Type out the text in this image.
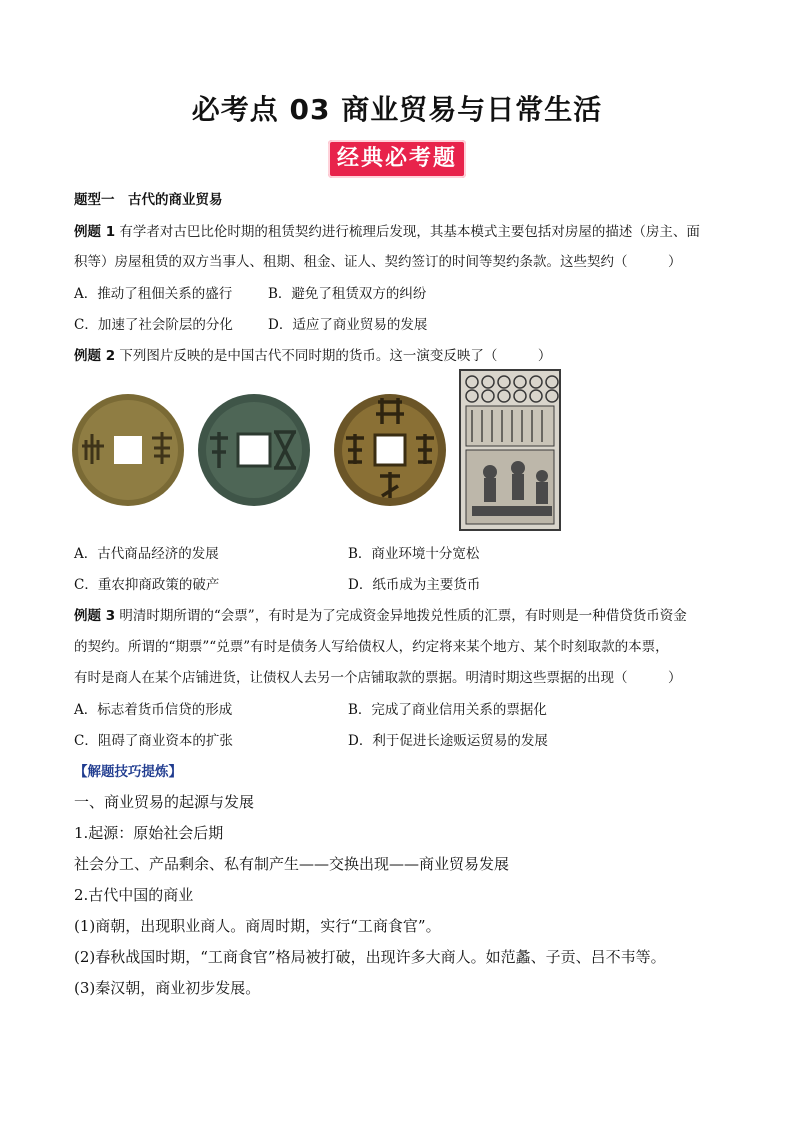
必考点 03 商业贸易与日常生活
经典必考题
题型一　古代的商业贸易
例题 1 有学者对古巴比伦时期的租赁契约进行梳理后发现，其基本模式主要包括对房屋的描述（房主、面
积等）房屋租赁的双方当事人、租期、租金、证人、契约签订的时间等契约条款。这些契约（　　　）
A．推动了租佃关系的盛行	B．避免了租赁双方的纠纷
C．加速了社会阶层的分化	D．适应了商业贸易的发展
例题 2 下列图片反映的是中国古代不同时期的货币。这一演变反映了（　　　）
A．古代商品经济的发展	B．商业环境十分宽松
C．重农抑商政策的破产	D．纸币成为主要货币
例题 3 明清时期所谓的“会票”，有时是为了完成资金异地拨兑性质的汇票，有时则是一种借贷货币资金
的契约。所谓的“期票”“兑票”有时是债务人写给债权人，约定将来某个地方、某个时刻取款的本票，
有时是商人在某个店铺进货，让债权人去另一个店铺取款的票据。明清时期这些票据的出现（　　　）
A．标志着货币信贷的形成	B．完成了商业信用关系的票据化
C．阻碍了商业资本的扩张	D．利于促进长途贩运贸易的发展
【解题技巧提炼】
一、商业贸易的起源与发展
1.起源：原始社会后期
社会分工、产品剩余、私有制产生——交换出现——商业贸易发展
2.古代中国的商业
(1)商朝，出现职业商人。商周时期，实行“工商食官”。
(2)春秋战国时期，“工商食官”格局被打破，出现许多大商人。如范蠡、子贡、吕不韦等。
(3)秦汉朝，商业初步发展。
